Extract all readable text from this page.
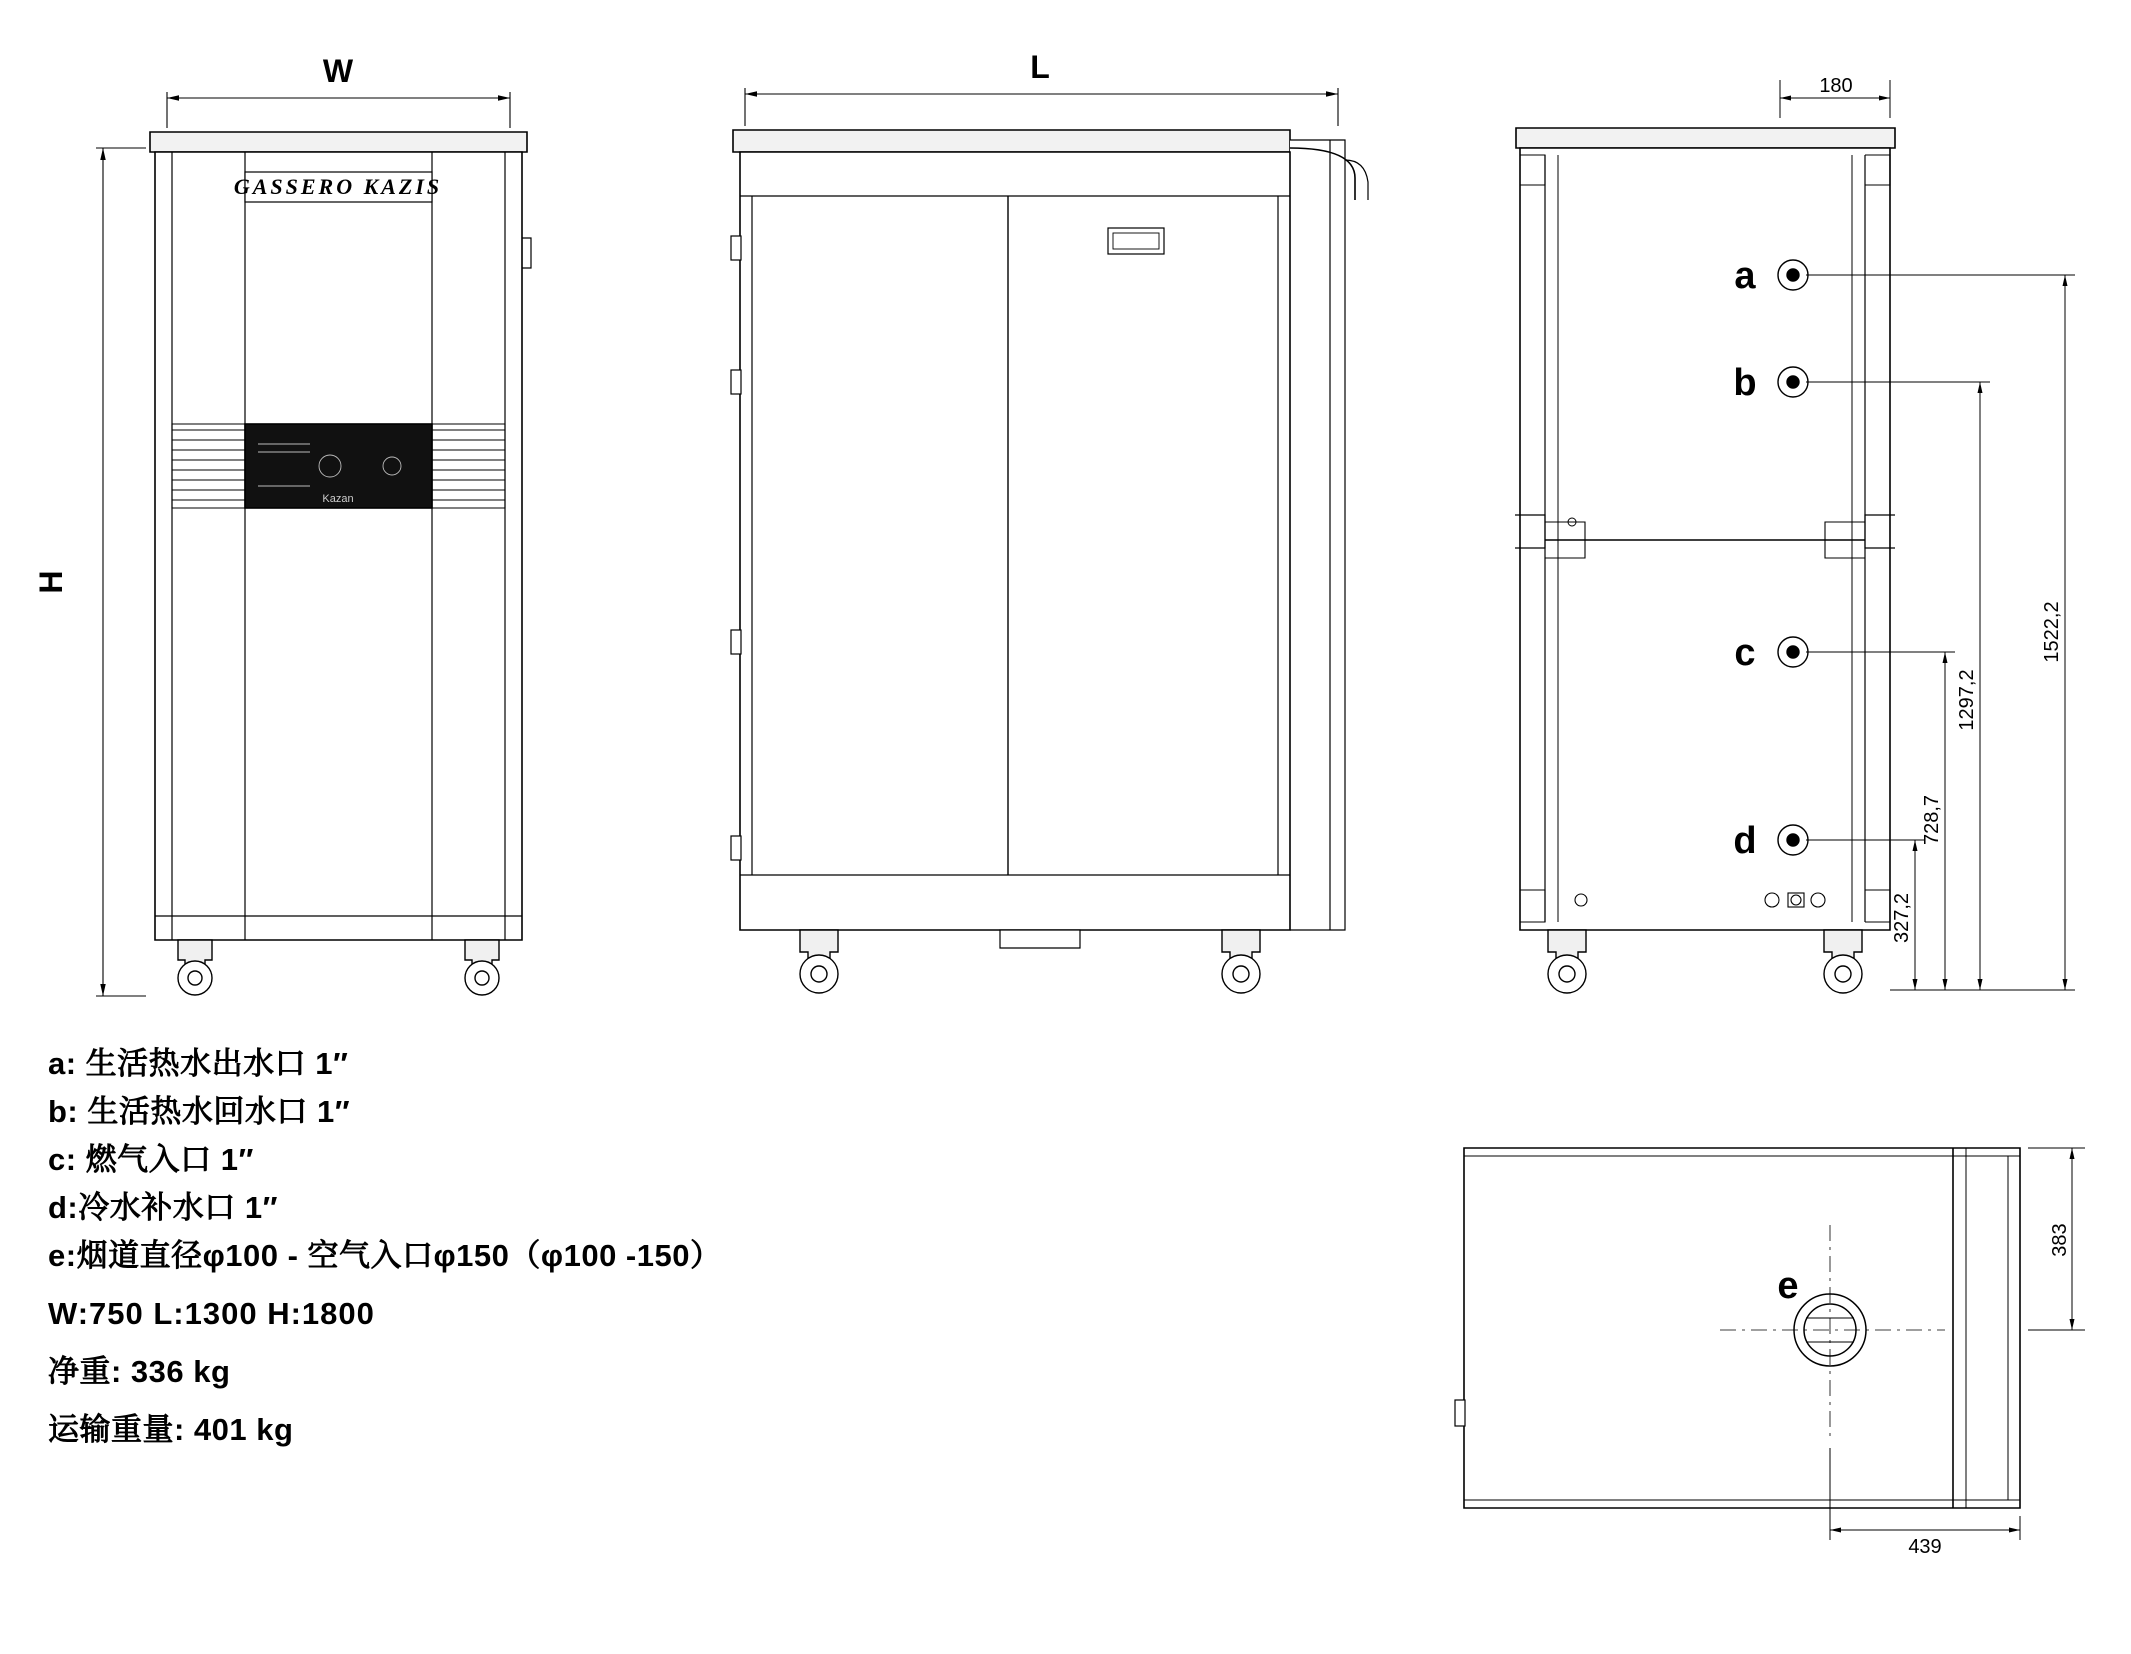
W
H
L
180
a
b
c
d
1522,2
1297,2
728,7
327,2
e
439
383
GASSERO KAZIS
Kazan
a: 生活热水出水口 1″
b: 生活热水回水口 1″
c: 燃气入口 1″
d:冷水补水口 1″
e:烟道直径φ100 - 空气入口φ150（φ100 -150）
W:750 L:1300 H:1800
净重: 336 kg
运输重量: 401 kg
